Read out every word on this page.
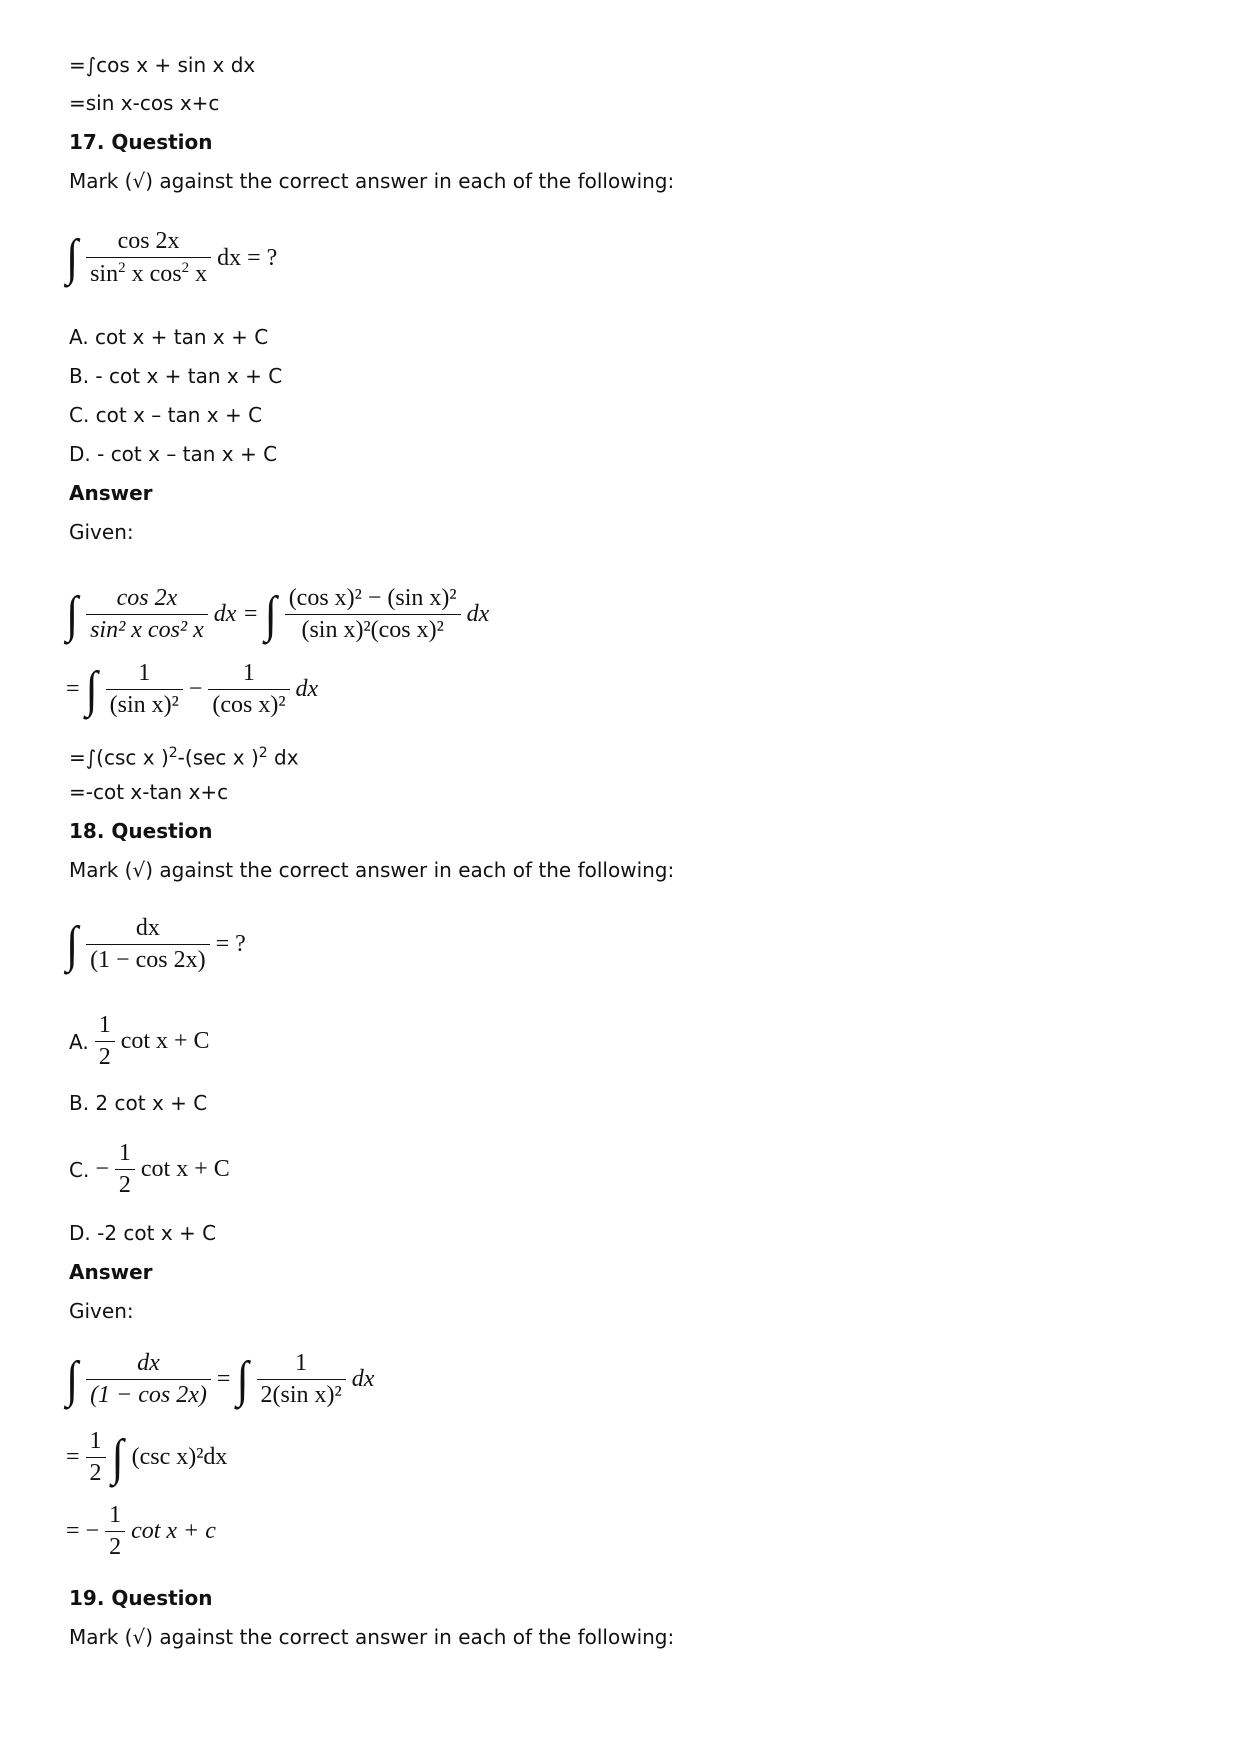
=∫cos x + sin x dx
=sin x-cos x+c
17. Question
Mark (√) against the correct answer in each of the following:
∫ $\frac{\cos 2x}{\sin^2 x \cos^2 x}$ dx = ?
A. cot x + tan x + C
B. - cot x + tan x + C
C. cot x – tan x + C
D. - cot x – tan x + C
Answer
Given:
∫ $\frac{\cos 2x}{\text{sin² x cos² x}}$ dx = ∫ $\frac{\text{(cos x)² − (sin x)²}}{\text{(sin x)²(cos x)²}}$ dx
= ∫ $\frac{1}{\text{(sin x)²}} - \frac{1}{\text{(cos x)²}}$ dx
=∫(csc x )$^2$-(sec x )$^2$ dx
=-cot x-tan x+c
18. Question
Mark (√) against the correct answer in each of the following:
∫ $\frac{dx}{(1 - \cos 2x)}$ = ?
A. $\frac{1}{2}$ cot x + C
B. 2 cot x + C
C. − $\frac{1}{2}$ cot x + C
D. -2 cot x + C
Answer
Given:
∫ $\frac{dx}{(1 - \cos 2x)}$ = ∫ $\frac{1}{\text{2(sin x)²}}$ dx
= $\frac{1}{2}$ ∫ (csc x)²dx
= − $\frac{1}{2}$ cot x + c
19. Question
Mark (√) against the correct answer in each of the following:
